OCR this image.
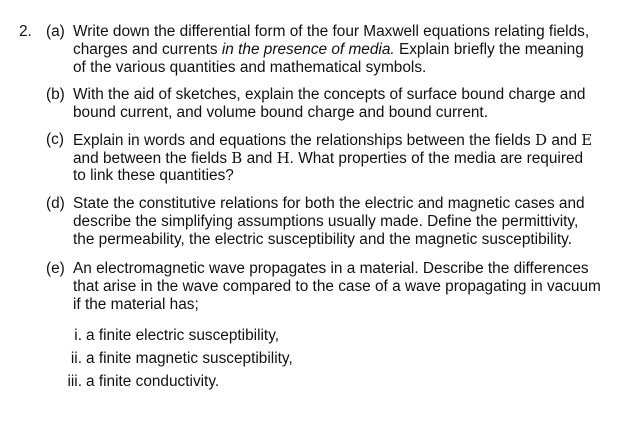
2. (a) Write down the differential form of the four Maxwell equations relating fields,
charges and currents in the presence of media. Explain briefly the meaning
of the various quantities and mathematical symbols.
(b) With the aid of sketches, explain the concepts of surface bound charge and
bound current, and volume bound charge and bound current.
(c) Explain in words and equations the relationships between the fields D and E
and between the fields B and H. What properties of the media are required
to link these quantities?
(d) State the constitutive relations for both the electric and magnetic cases and
describe the simplifying assumptions usually made. Define the permittivity,
the permeability, the electric susceptibility and the magnetic susceptibility.
(e) An electromagnetic wave propagates in a material. Describe the differences
that arise in the wave compared to the case of a wave propagating in vacuum
if the material has;
i. a finite electric susceptibility,
ii. a finite magnetic susceptibility,
iii. a finite conductivity.
